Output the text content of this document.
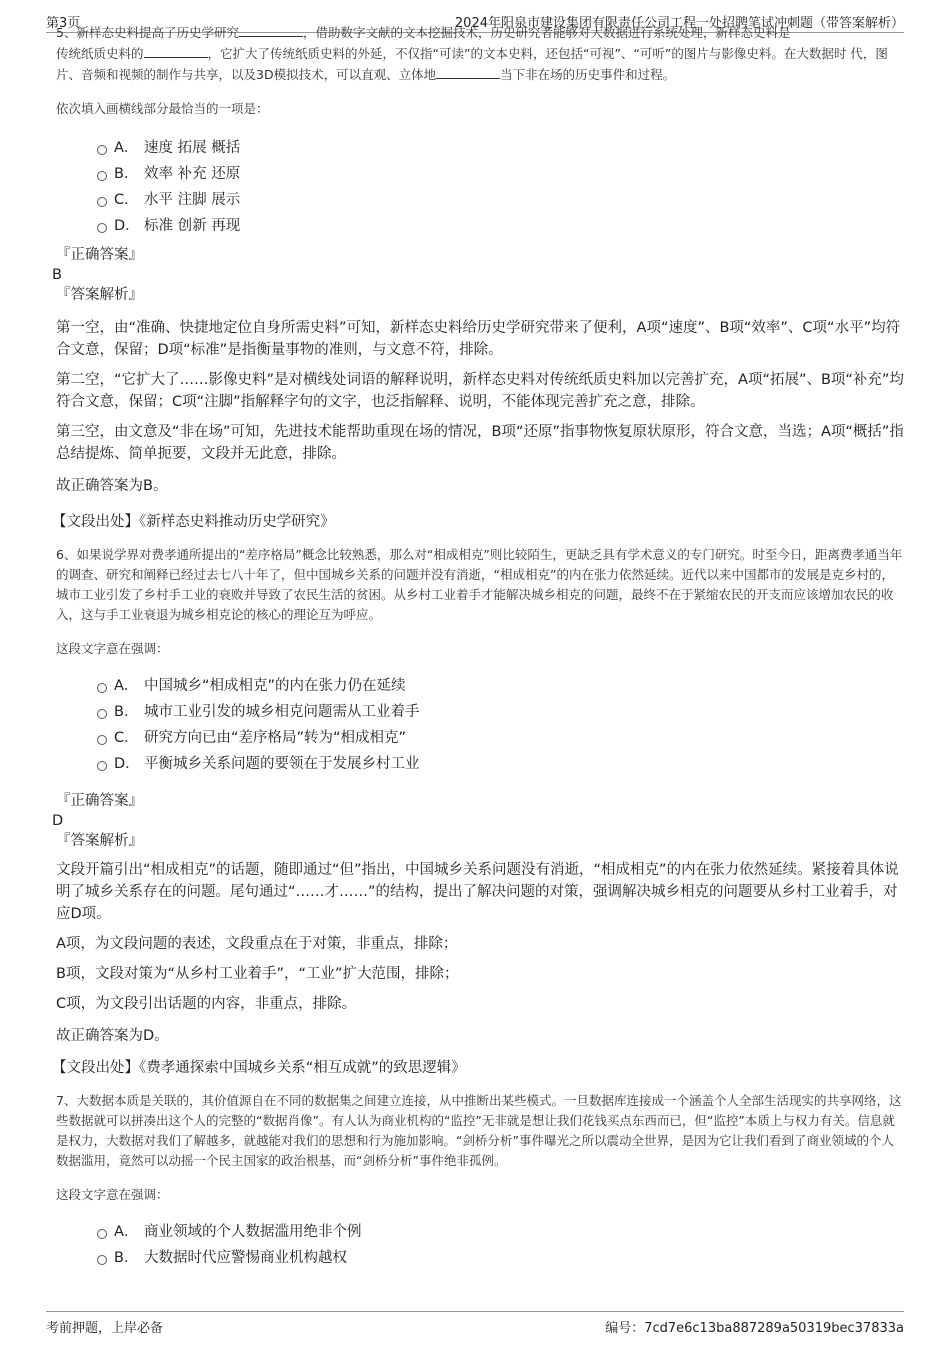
第3页	2024年阳泉市建设集团有限责任公司工程一处招聘笔试冲刺题（带答案解析）

5、新样态史料提高了历史学研究	，借助数字文献的文本挖掘技术，历史研究者能够对大数据进行系统处理，新样态史料是
传统纸质史料的	，它扩大了传统纸质史料的外延，不仅指“可读”的文本史料，还包括“可视”、“可听”的图片与影像史料。在大数据时 代，图片、音频和视频的制作与共享，以及3D模拟技术，可以直观、立体地	当下非在场的历史事件和过程。

依次填入画横线部分最恰当的一项是：

A． 速度 拓展 概括
B． 效率 补充 还原
C． 水平 注脚 展示
D． 标准 创新 再现

『正确答案』

B

『答案解析』

第一空，由“准确、快捷地定位自身所需史料”可知，新样态史料给历史学研究带来了便利，A项“速度”、B项“效率”、C项“水平”均符合文意，保留；D项“标准”是指衡量事物的准则，与文意不符，排除。

第二空，“它扩大了……影像史料”是对横线处词语的解释说明，新样态史料对传统纸质史料加以完善扩充，A项“拓展”、B项“补充”均符合文意，保留；C项“注脚”指解释字句的文字，也泛指解释、说明，不能体现完善扩充之意，排除。

第三空，由文意及“非在场”可知，先进技术能帮助重现在场的情况，B项“还原”指事物恢复原状原形，符合文意，当选；A项“概括”指总结提炼、简单扼要，文段并无此意，排除。

故正确答案为B。

【文段出处】《新样态史料推动历史学研究》

6、如果说学界对费孝通所提出的“差序格局”概念比较熟悉，那么对“相成相克”则比较陌生，更缺乏具有学术意义的专门研究。时至今日，距离费孝通当年的调查、研究和阐释已经过去七八十年了，但中国城乡关系的问题并没有消逝，“相成相克”的内在张力依然延续。近代以来中国都市的发展是克乡村的，城市工业引发了乡村手工业的衰败并导致了农民生活的贫困。从乡村工业着手才能解决城乡相克的问题，最终不在于紧缩农民的开支而应该增加农民的收入，这与手工业衰退为城乡相克论的核心的理论互为呼应。

这段文字意在强调：

A． 中国城乡“相成相克”的内在张力仍在延续
B． 城市工业引发的城乡相克问题需从工业着手
C． 研究方向已由“差序格局”转为“相成相克”
D． 平衡城乡关系问题的要领在于发展乡村工业

『正确答案』

D

『答案解析』

文段开篇引出“相成相克”的话题，随即通过“但”指出，中国城乡关系问题没有消逝，“相成相克”的内在张力依然延续。紧接着具体说明了城乡关系存在的问题。尾句通过“……才……”的结构，提出了解决问题的对策，强调解决城乡相克的问题要从乡村工业着手，对应D项。

A项，为文段问题的表述，文段重点在于对策，非重点，排除；

B项，文段对策为“从乡村工业着手”，“工业”扩大范围，排除；

C项，为文段引出话题的内容，非重点，排除。

故正确答案为D。

【文段出处】《费孝通探索中国城乡关系“相互成就”的致思逻辑》

7、大数据本质是关联的，其价值源自在不同的数据集之间建立连接，从中推断出某些模式。一旦数据库连接成一个涵盖个人全部生活现实的共享网络，这些数据就可以拼凑出这个人的完整的“数据肖像”。有人认为商业机构的“监控”无非就是想让我们花钱买点东西而已，但“监控”本质上与权力有关。信息就是权力，大数据对我们了解越多，就越能对我们的思想和行为施加影响。“剑桥分析”事件曝光之所以震动全世界，是因为它让我们看到了商业领域的个人数据滥用，竟然可以动摇一个民主国家的政治根基，而“剑桥分析”事件绝非孤例。

这段文字意在强调：

A． 商业领域的个人数据滥用绝非个例
B． 大数据时代应警惕商业机构越权
考前押题，上岸必备	编号：7cd7e6c13ba887289a50319bec37833a
